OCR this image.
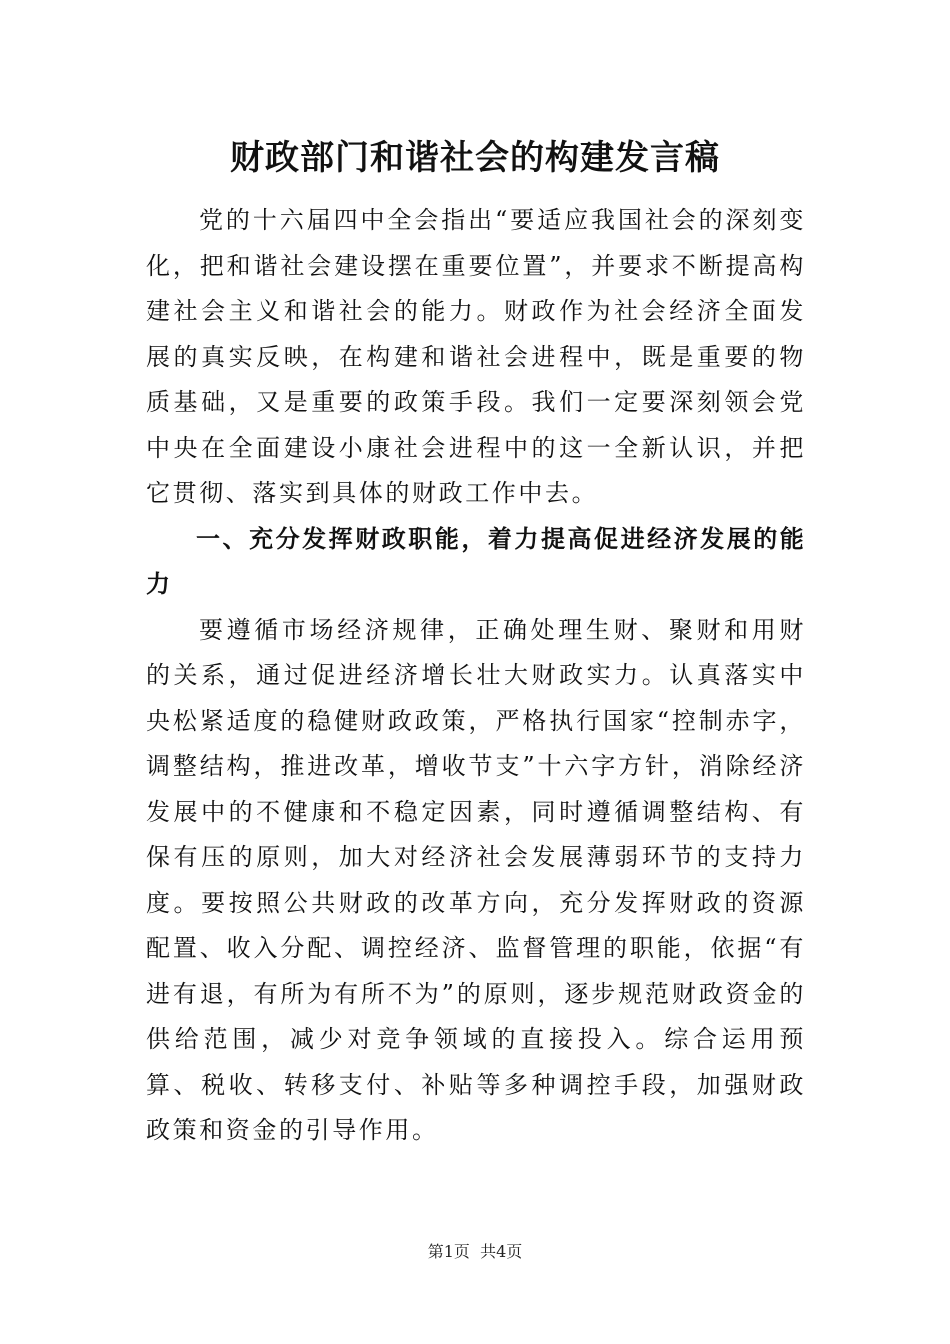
财政部门和谐社会的构建发言稿

党的十六届四中全会指出“要适应我国社会的深刻变化，把和谐社会建设摆在重要位置”，并要求不断提高构建社会主义和谐社会的能力。财政作为社会经济全面发展的真实反映，在构建和谐社会进程中，既是重要的物质基础，又是重要的政策手段。我们一定要深刻领会党中央在全面建设小康社会进程中的这一全新认识，并把它贯彻、落实到具体的财政工作中去。

一、充分发挥财政职能，着力提高促进经济发展的能力

要遵循市场经济规律，正确处理生财、聚财和用财的关系，通过促进经济增长壮大财政实力。认真落实中央松紧适度的稳健财政政策，严格执行国家“控制赤字，调整结构，推进改革，增收节支”十六字方针，消除经济发展中的不健康和不稳定因素，同时遵循调整结构、有保有压的原则，加大对经济社会发展薄弱环节的支持力度。要按照公共财政的改革方向，充分发挥财政的资源配置、收入分配、调控经济、监督管理的职能，依据“有进有退，有所为有所不为”的原则，逐步规范财政资金的供给范围，减少对竞争领域的直接投入。综合运用预算、税收、转移支付、补贴等多种调控手段，加强财政政策和资金的引导作用。

第1页 共4页
